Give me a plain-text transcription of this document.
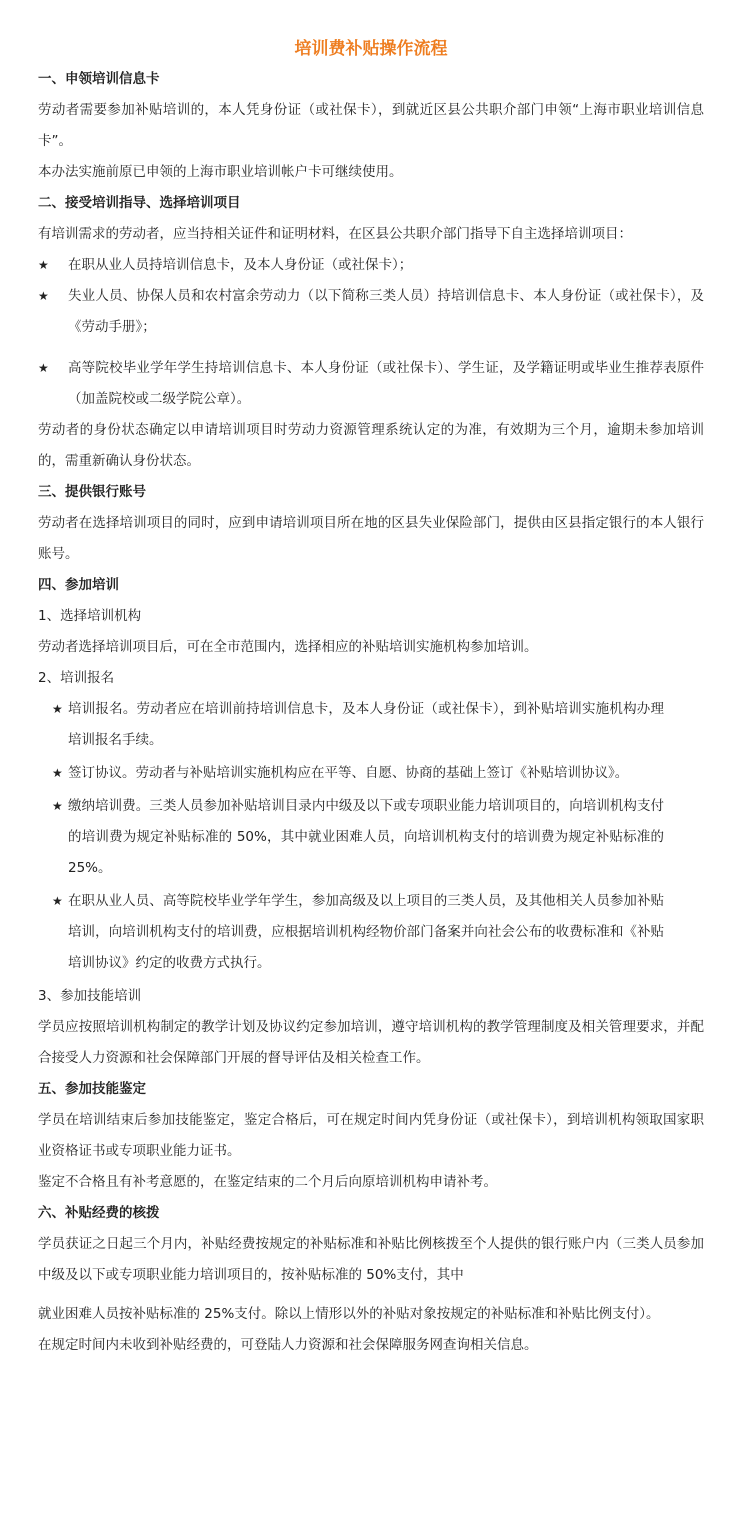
培训费补贴操作流程
一、申领培训信息卡

劳动者需要参加补贴培训的，本人凭身份证（或社保卡），到就近区县公共职介部门申领“上海市职业培训信息卡”。

本办法实施前原已申领的上海市职业培训帐户卡可继续使用。

二、接受培训指导、选择培训项目

有培训需求的劳动者，应当持相关证件和证明材料，在区县公共职介部门指导下自主选择培训项目：

★	在职从业人员持培训信息卡，及本人身份证（或社保卡）；
★	失业人员、协保人员和农村富余劳动力（以下简称三类人员）持培训信息卡、本人身份证（或社保卡），及《劳动手册》；
★	高等院校毕业学年学生持培训信息卡、本人身份证（或社保卡）、学生证，及学籍证明或毕业生推荐表原件（加盖院校或二级学院公章）。

劳动者的身份状态确定以申请培训项目时劳动力资源管理系统认定的为准，有效期为三个月，逾期未参加培训的，需重新确认身份状态。

三、提供银行账号

劳动者在选择培训项目的同时，应到申请培训项目所在地的区县失业保险部门，提供由区县指定银行的本人银行账号。

四、参加培训

1、选择培训机构

劳动者选择培训项目后，可在全市范围内，选择相应的补贴培训实施机构参加培训。

2、培训报名

★ 培训报名。劳动者应在培训前持培训信息卡，及本人身份证（或社保卡），到补贴培训实施机构办理培训报名手续。
★ 签订协议。劳动者与补贴培训实施机构应在平等、自愿、协商的基础上签订《补贴培训协议》。
★ 缴纳培训费。三类人员参加补贴培训目录内中级及以下或专项职业能力培训项目的，向培训机构支付的培训费为规定补贴标准的 50%，其中就业困难人员，向培训机构支付的培训费为规定补贴标准的 25%。
★ 在职从业人员、高等院校毕业学年学生，参加高级及以上项目的三类人员，及其他相关人员参加补贴培训，向培训机构支付的培训费，应根据培训机构经物价部门备案并向社会公布的收费标准和《补贴培训协议》约定的收费方式执行。

3、参加技能培训

学员应按照培训机构制定的教学计划及协议约定参加培训，遵守培训机构的教学管理制度及相关管理要求，并配合接受人力资源和社会保障部门开展的督导评估及相关检查工作。

五、参加技能鉴定

学员在培训结束后参加技能鉴定，鉴定合格后，可在规定时间内凭身份证（或社保卡），到培训机构领取国家职业资格证书或专项职业能力证书。

鉴定不合格且有补考意愿的，在鉴定结束的二个月后向原培训机构申请补考。

六、补贴经费的核拨

学员获证之日起三个月内，补贴经费按规定的补贴标准和补贴比例核拨至个人提供的银行账户内（三类人员参加中级及以下或专项职业能力培训项目的，按补贴标准的 50%支付，其中

就业困难人员按补贴标准的 25%支付。除以上情形以外的补贴对象按规定的补贴标准和补贴比例支付）。

在规定时间内未收到补贴经费的，可登陆人力资源和社会保障服务网查询相关信息。
